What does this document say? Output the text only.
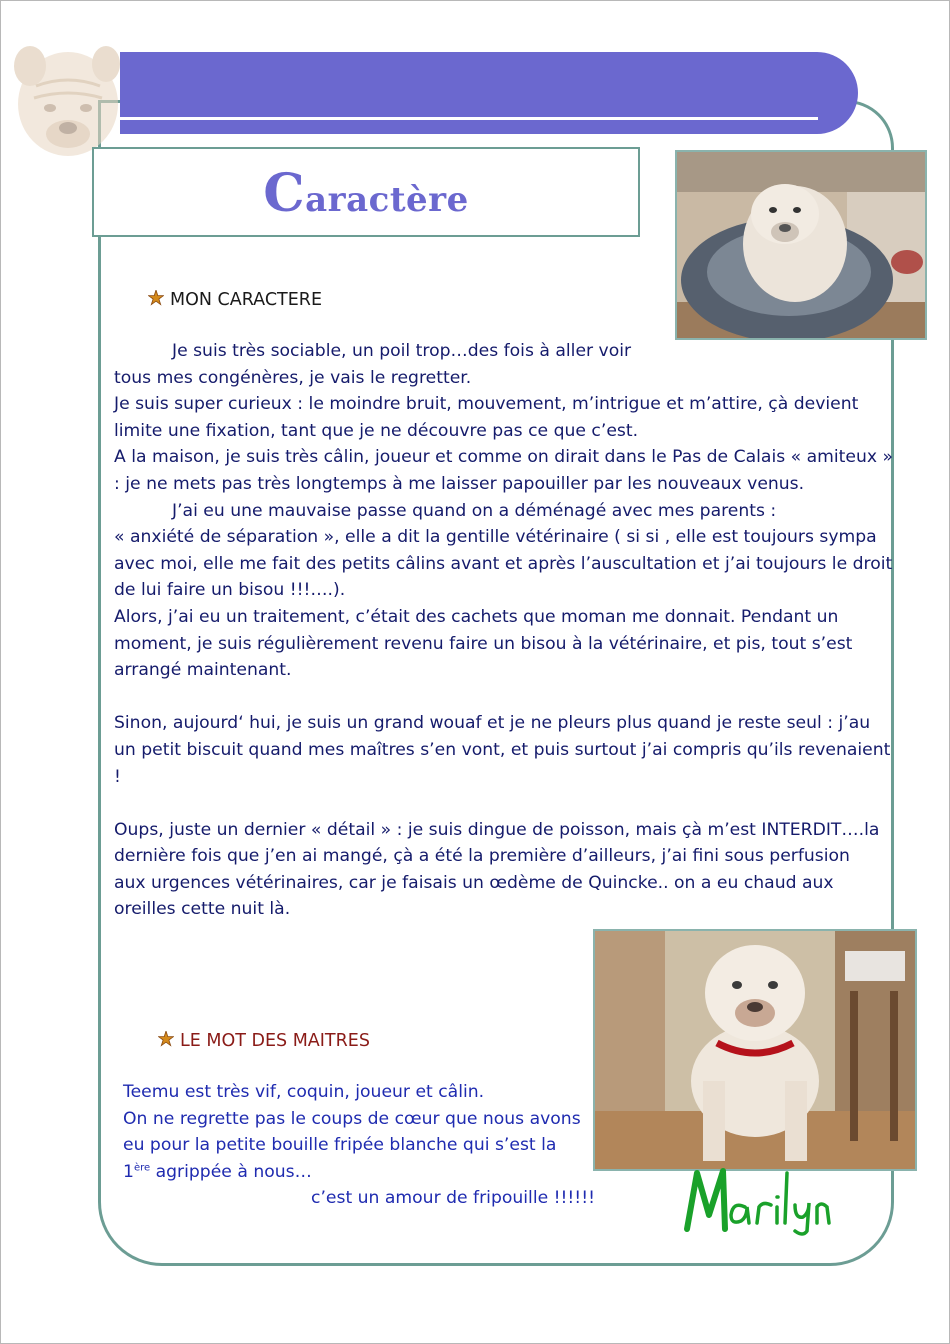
Caractère
MON CARACTERE

Je suis très sociable, un poil trop…des fois à aller voir

tous mes congénères, je vais le regretter.

Je suis super curieux : le moindre bruit, mouvement, m’intrigue et m’attire, çà devient limite une fixation, tant que je ne découvre pas ce que c’est.

A la maison, je suis très câlin, joueur et comme on dirait dans le Pas de Calais « amiteux » : je ne mets pas très longtemps à me laisser papouiller par les nouveaux venus.

J’ai eu une mauvaise passe quand on a déménagé avec mes parents :

« anxiété de séparation », elle a dit la gentille vétérinaire ( si si , elle est toujours sympa avec moi, elle me fait des petits câlins avant et après l’auscultation et j’ai toujours le droit de lui faire un bisou !!!….).

Alors, j’ai eu un traitement, c’était des cachets que moman me donnait. Pendant un moment, je suis régulièrement revenu faire un bisou à la vétérinaire, et pis, tout s’est arrangé maintenant.

Sinon, aujourd‘ hui, je suis un grand wouaf et je ne pleurs plus quand je reste seul : j’au un petit biscuit quand mes maîtres s’en vont, et puis surtout j’ai compris qu’ils revenaient !

Oups, juste un dernier « détail » : je suis dingue de poisson, mais çà m’est INTERDIT….la dernière fois que j’en ai mangé, çà a été la première d’ailleurs, j’ai fini sous perfusion aux urgences vétérinaires, car je faisais un œdème de Quincke.. on a eu chaud aux oreilles cette nuit là.

LE MOT DES MAITRES

Teemu est très vif, coquin, joueur et câlin.

On ne regrette pas le coups de cœur que nous avons

eu pour la petite bouille fripée blanche qui s’est la

1ère agrippée à nous…

c’est un amour de fripouille !!!!!!
